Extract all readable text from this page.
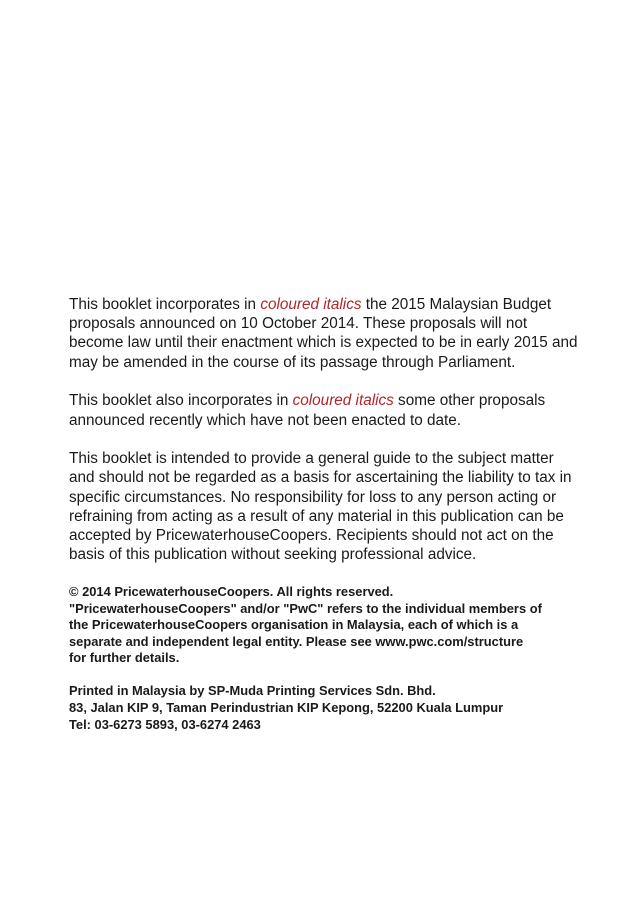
This booklet incorporates in coloured italics the 2015 Malaysian Budget proposals announced on 10 October 2014. These proposals will not become law until their enactment which is expected to be in early 2015 and may be amended in the course of its passage through Parliament.

This booklet also incorporates in coloured italics some other proposals announced recently which have not been enacted to date.

This booklet is intended to provide a general guide to the subject matter and should not be regarded as a basis for ascertaining the liability to tax in specific circumstances. No responsibility for loss to any person acting or refraining from acting as a result of any material in this publication can be accepted by PricewaterhouseCoopers. Recipients should not act on the basis of this publication without seeking professional advice.

© 2014 PricewaterhouseCoopers. All rights reserved.
"PricewaterhouseCoopers" and/or "PwC" refers to the individual members of
the PricewaterhouseCoopers organisation in Malaysia, each of which is a
separate and independent legal entity. Please see www.pwc.com/structure
for further details.

Printed in Malaysia by SP-Muda Printing Services Sdn. Bhd.
83, Jalan KIP 9, Taman Perindustrian KIP Kepong, 52200 Kuala Lumpur
Tel: 03-6273 5893, 03-6274 2463
